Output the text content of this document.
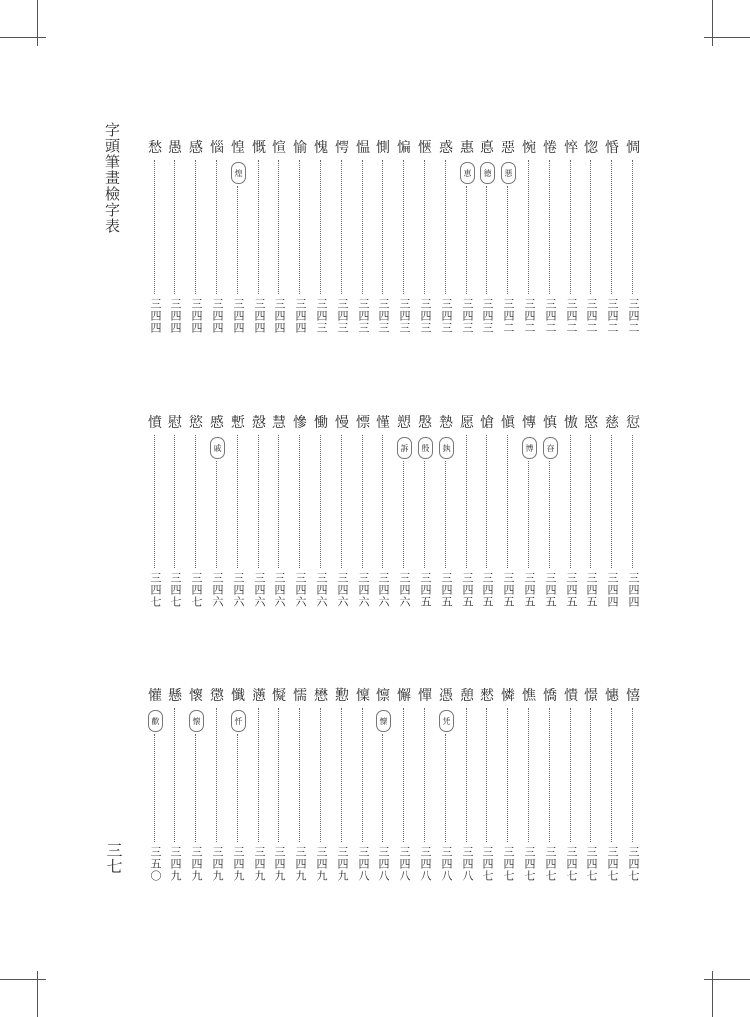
字頭筆畫檢字表
三七
惆
三四二
惛
三四二
惚
三四二
悴
三四二
惓
三四二
惋
三四二
惡
悪
三四二
悳
德
三四三
惠
恵
三四三
惑
三四三
愜
三四三
惼
三四三
惻
三四三
愠
三四三
愕
三四三
愧
三四三
愉
三四四
愃
三四四
慨
三四四
惶
煌
三四四
惱
三四四
感
三四四
愚
三四四
愁
三四四
愆
三四四
慈
三四四
愍
三四五
慠
三四五
慎
昚
三四五
慱
博
三四五
愼
三四五
愴
三四五
愿
三四五
慹
埶
三四五
慇
殷
三四五
愬
訴
三四六
慬
三四六
慓
三四六
慢
三四六
慟
三四六
慘
三四六
慧
三四六
慤
三四六
慙
三四六
慼
戚
三四六
慾
三四七
慰
三四七
憤
三四七
憘
三四七
憓
三四七
憬
三四七
憒
三四七
憍
三四七
憔
三四七
憐
三四七
憖
三四七
憩
三四八
憑
凭
三四八
憚
三四八
懈
三四八
懔
懍
三四八
懍
三四八
懃
三四九
懋
三四九
懦
三四九
懝
三四九
懣
三四九
懺
忏
三四九
懲
三四九
懷
懐
三四九
懸
三四九
懽
歡
三五〇
